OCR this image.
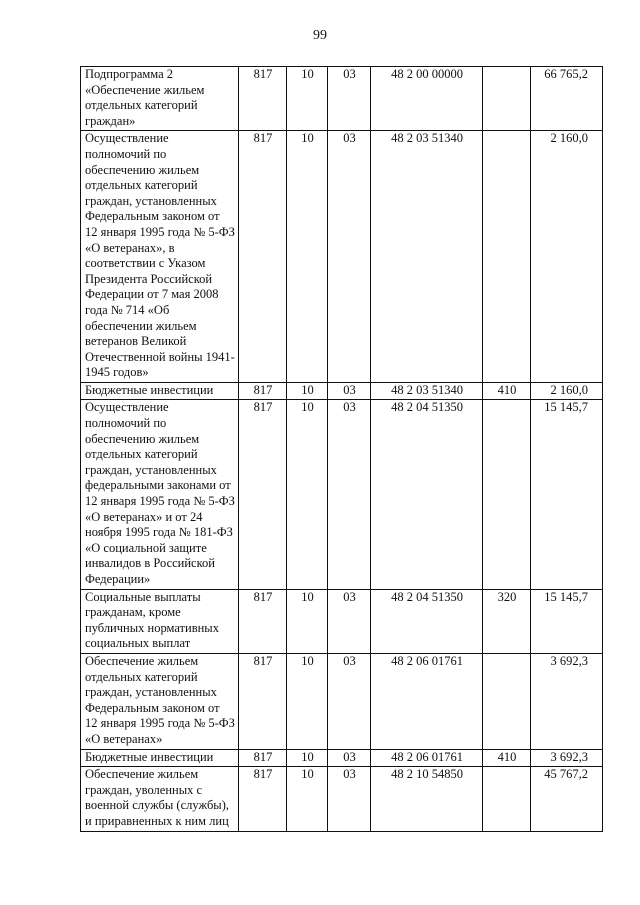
99
Подпрограмма 2 «Обеспечение жильем отдельных категорий граждан»	817	10	03	48 2 00 00000		66 765,2
Осуществление полномочий по обеспечению жильем отдельных категорий граждан, установленных Федеральным законом от 12 января 1995 года № 5-ФЗ «О ветеранах», в соответствии с Указом Президента Российской Федерации от 7 мая 2008 года № 714 «Об обеспечении жильем ветеранов Великой Отечественной войны 1941-1945 годов»	817	10	03	48 2 03 51340		2 160,0
Бюджетные инвестиции	817	10	03	48 2 03 51340	410	2 160,0
Осуществление полномочий по обеспечению жильем отдельных категорий граждан, установленных федеральными законами от 12 января 1995 года № 5-ФЗ «О ветеранах» и от 24 ноября 1995 года № 181-ФЗ «О социальной защите инвалидов в Российской Федерации»	817	10	03	48 2 04 51350		15 145,7
Социальные выплаты гражданам, кроме публичных нормативных социальных выплат	817	10	03	48 2 04 51350	320	15 145,7
Обеспечение жильем отдельных категорий граждан, установленных Федеральным законом от 12 января 1995 года № 5-ФЗ «О ветеранах»	817	10	03	48 2 06 01761		3 692,3
Бюджетные инвестиции	817	10	03	48 2 06 01761	410	3 692,3
Обеспечение жильем граждан, уволенных с военной службы (службы), и приравненных к ним лиц	817	10	03	48 2 10 54850		45 767,2
